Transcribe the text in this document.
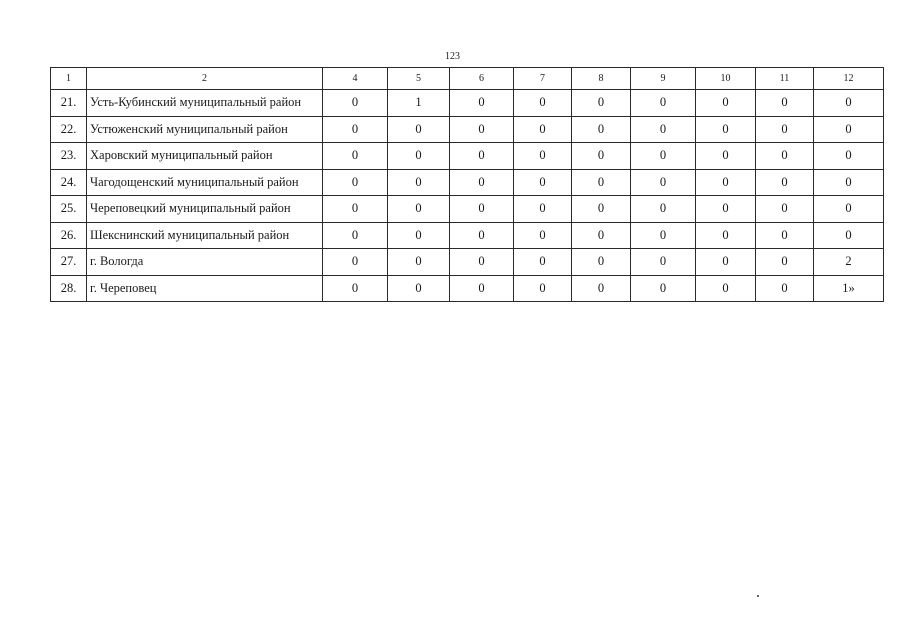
123
1	2	4	5	6	7	8	9	10	11	12
21.	Усть-Кубинский муниципальный район	0	1	0	0	0	0	0	0	0
22.	Устюженский муниципальный район	0	0	0	0	0	0	0	0	0
23.	Харовский муниципальный район	0	0	0	0	0	0	0	0	0
24.	Чагодощенский муниципальный район	0	0	0	0	0	0	0	0	0
25.	Череповецкий муниципальный район	0	0	0	0	0	0	0	0	0
26.	Шекснинский муниципальный район	0	0	0	0	0	0	0	0	0
27.	г. Вологда	0	0	0	0	0	0	0	0	2
28.	г. Череповец	0	0	0	0	0	0	0	0	1»
